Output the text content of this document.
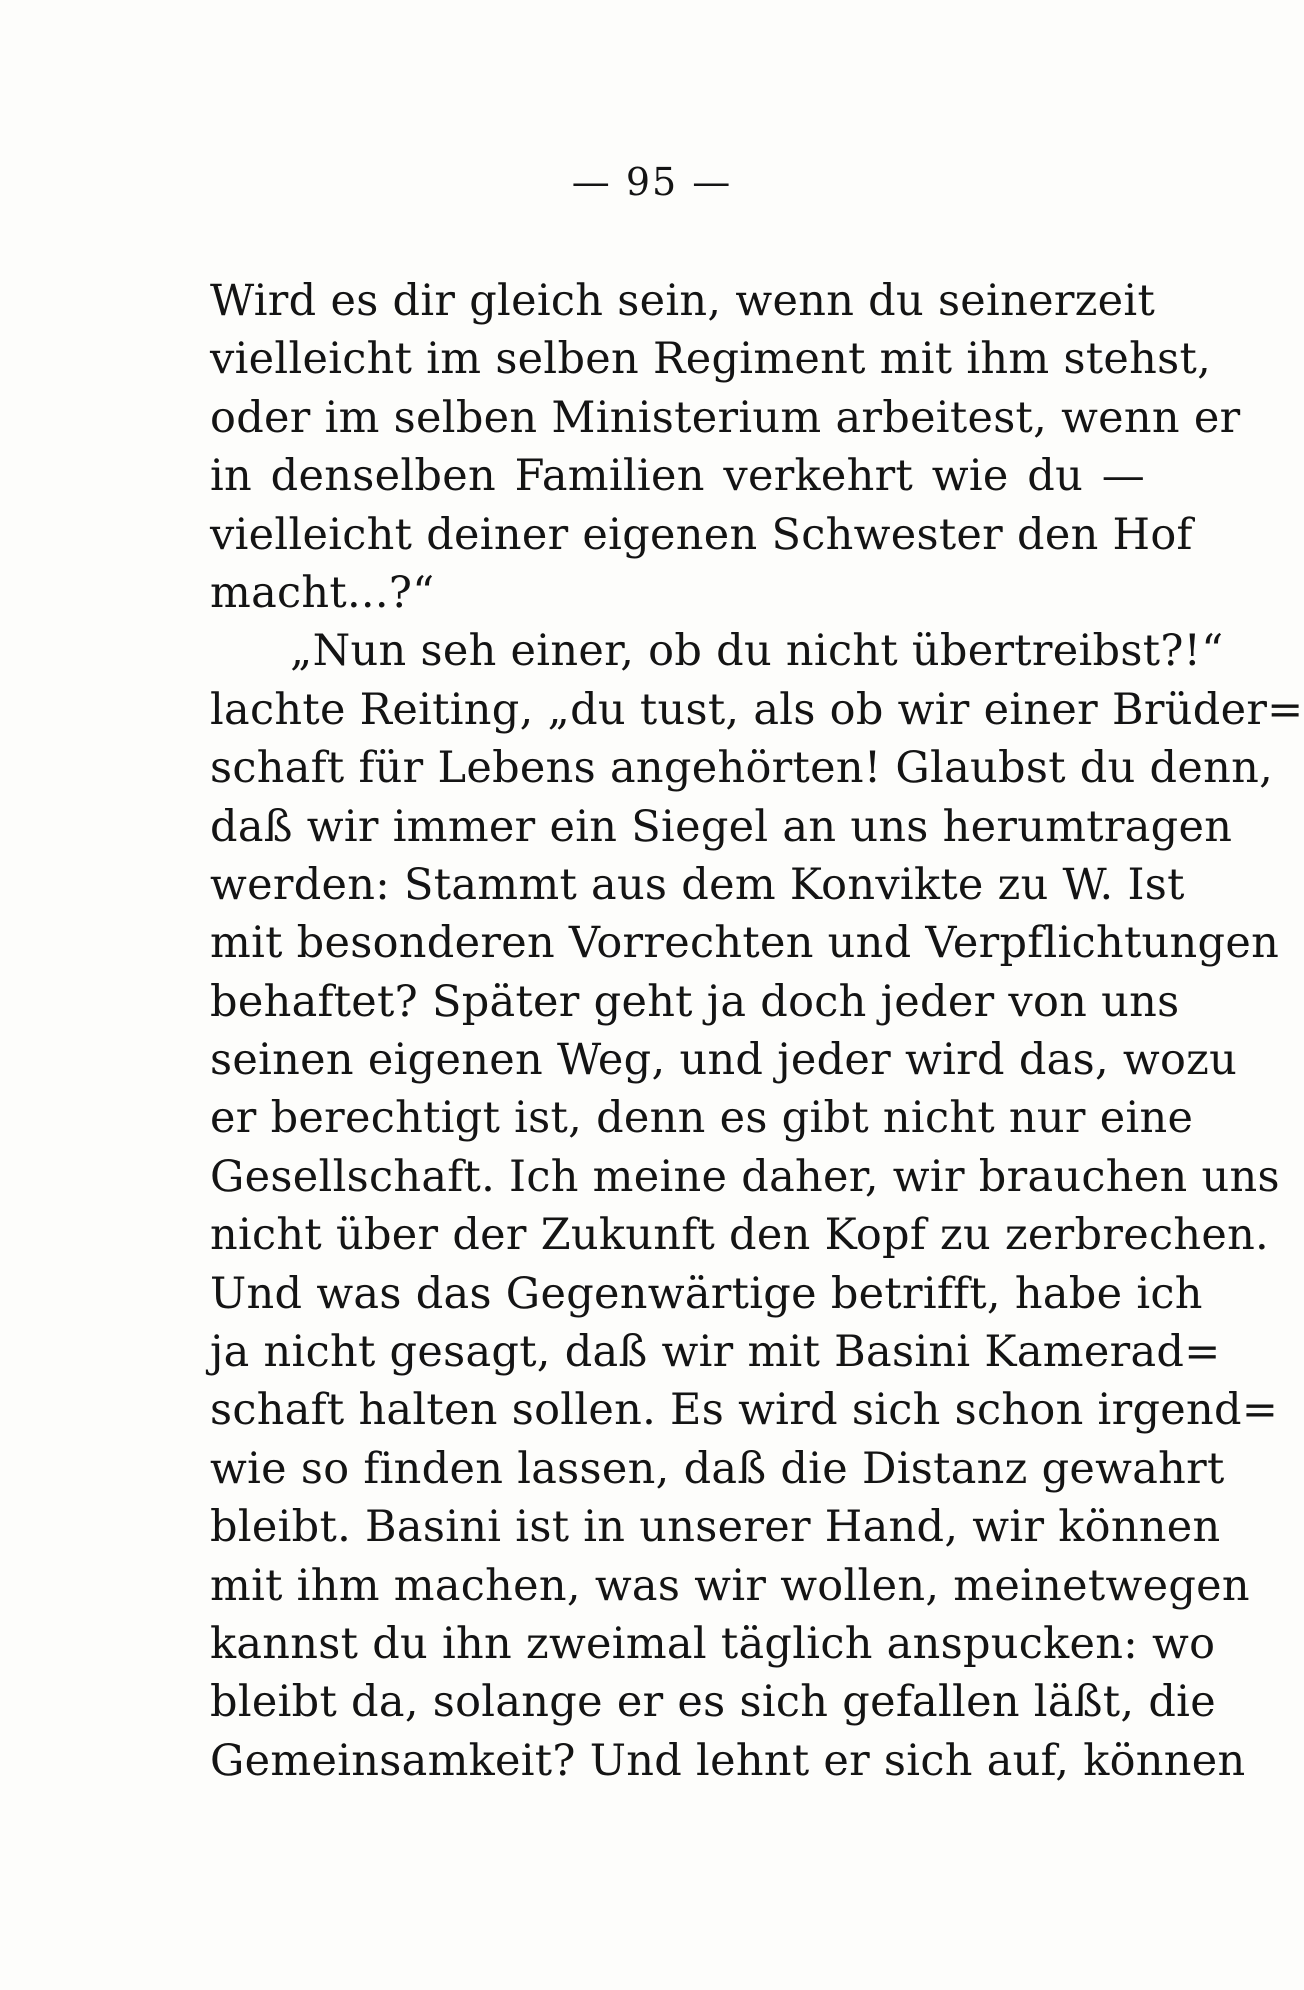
— 95 —
Wird es dir gleich sein, wenn du seinerzeit
vielleicht im selben Regiment mit ihm stehst,
oder im selben Ministerium arbeitest, wenn er
in denselben Familien verkehrt wie du —
vielleicht deiner eigenen Schwester den Hof
macht...?“
„Nun seh einer, ob du nicht übertreibst?!“
lachte Reiting, „du tust, als ob wir einer Brüder=
schaft für Lebens angehörten! Glaubst du denn,
daß wir immer ein Siegel an uns herumtragen
werden: Stammt aus dem Konvikte zu W. Ist
mit besonderen Vorrechten und Verpflichtungen
behaftet? Später geht ja doch jeder von uns
seinen eigenen Weg, und jeder wird das, wozu
er berechtigt ist, denn es gibt nicht nur eine
Gesellschaft. Ich meine daher, wir brauchen uns
nicht über der Zukunft den Kopf zu zerbrechen.
Und was das Gegenwärtige betrifft, habe ich
ja nicht gesagt, daß wir mit Basini Kamerad=
schaft halten sollen. Es wird sich schon irgend=
wie so finden lassen, daß die Distanz gewahrt
bleibt. Basini ist in unserer Hand, wir können
mit ihm machen, was wir wollen, meinetwegen
kannst du ihn zweimal täglich anspucken: wo
bleibt da, solange er es sich gefallen läßt, die
Gemeinsamkeit? Und lehnt er sich auf, können
